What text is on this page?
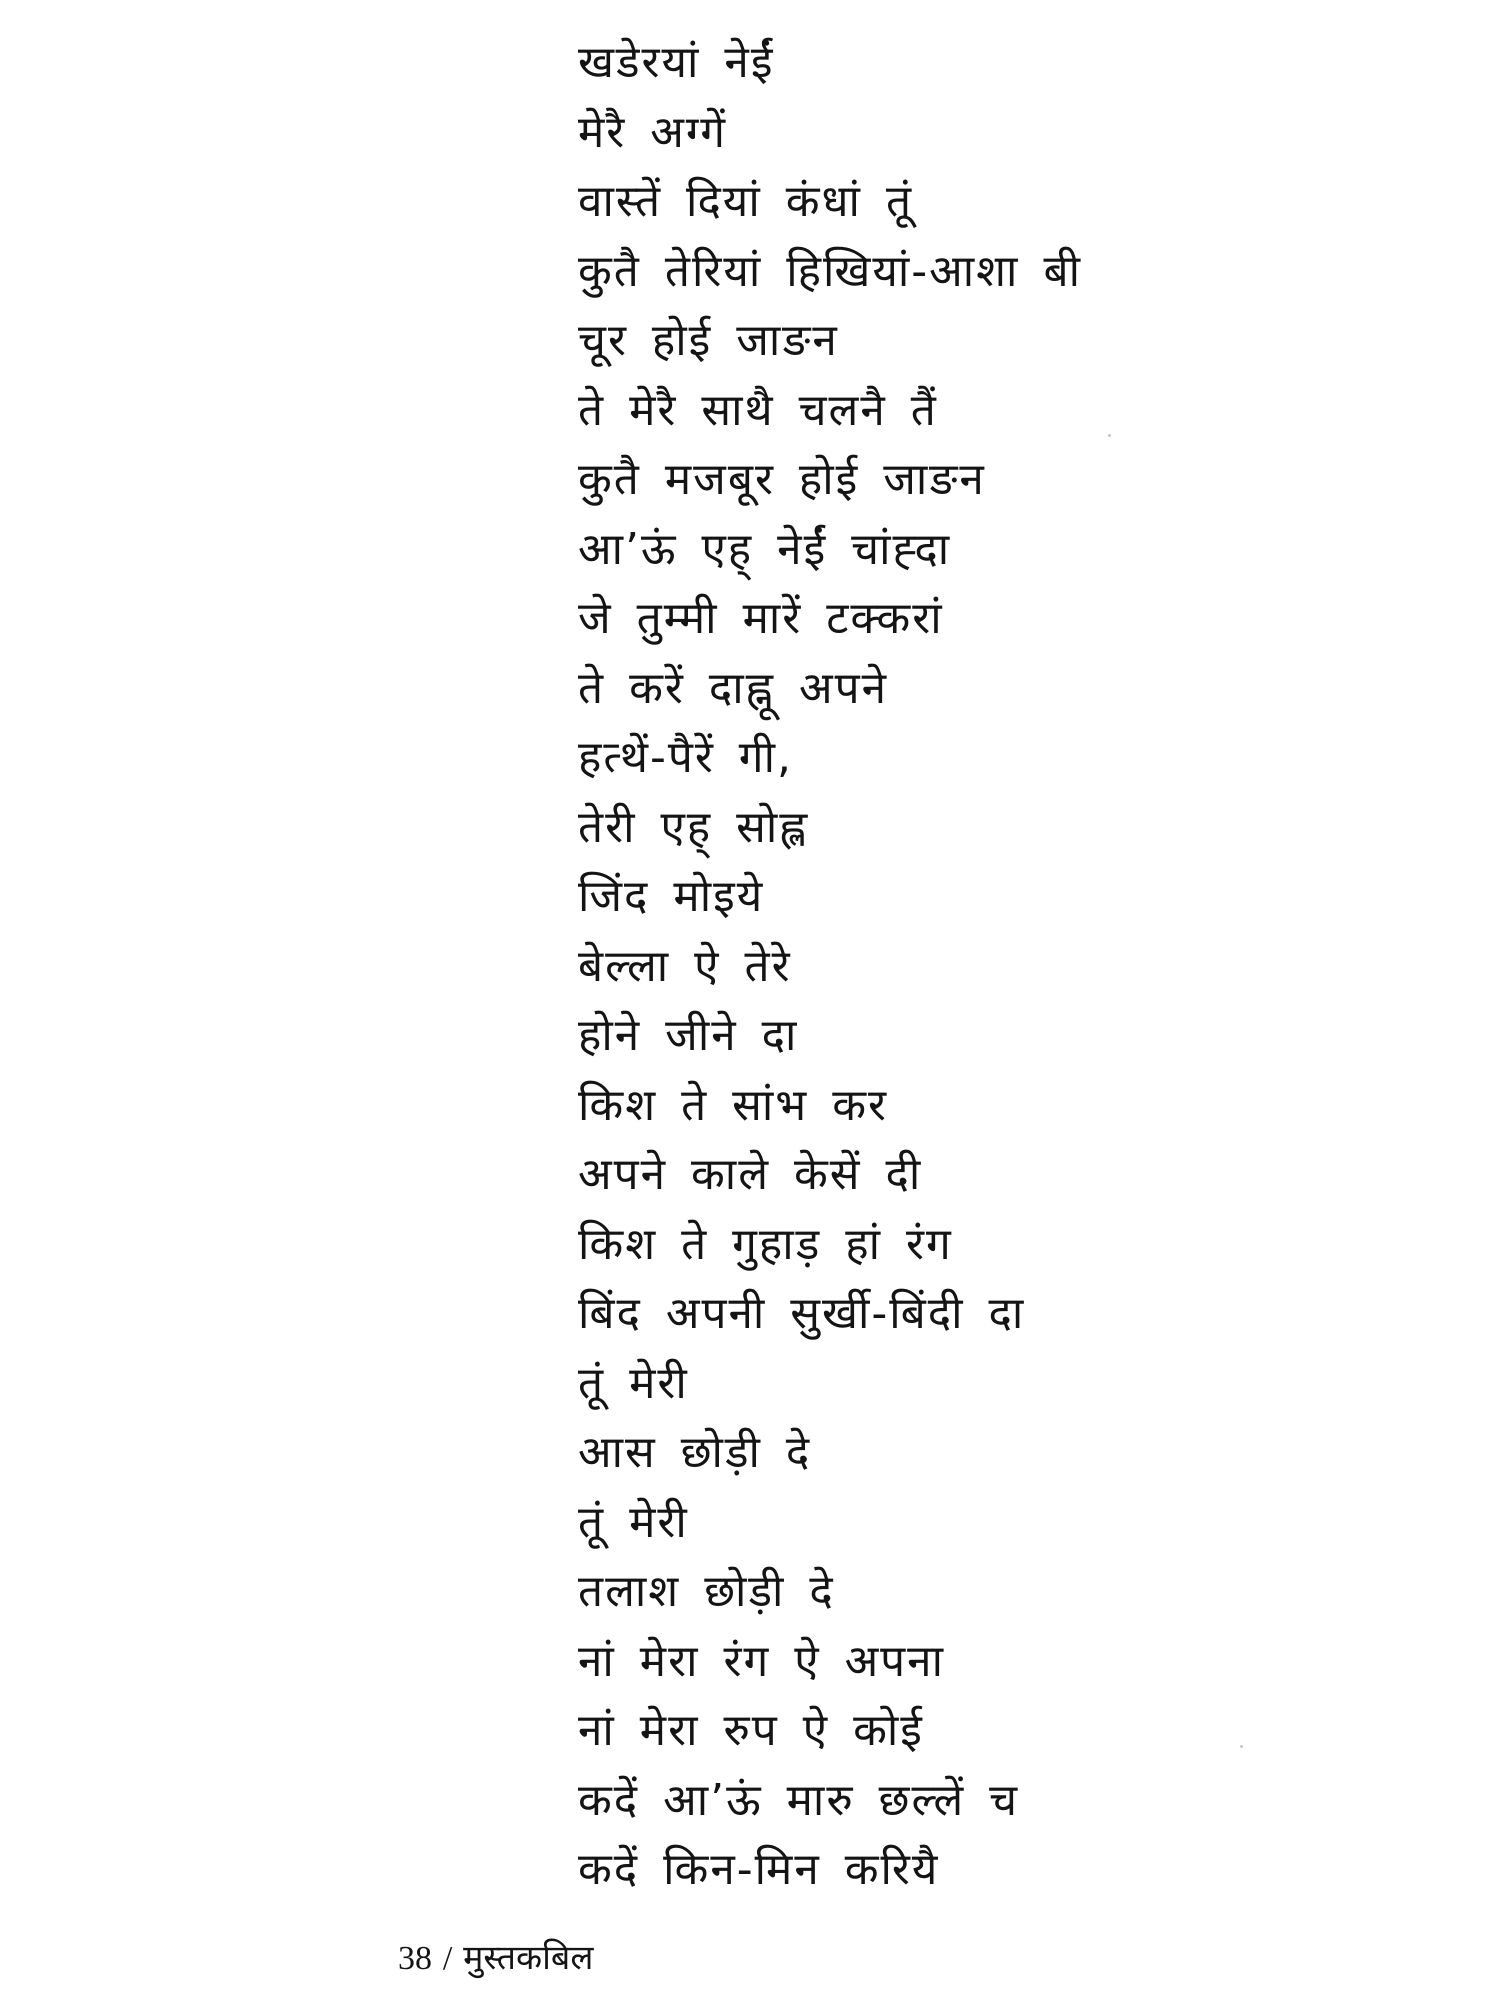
खडेरयां नेईं
मेरै अग्गें
वास्तें दियां कंधां तूं
कुतै तेरियां हिखियां-आशा बी
चूर होई जाङन
ते मेरै साथै चलनै तैं
कुतै मजबूर होई जाङन
आ’ऊं एह् नेईं चांह्दा
जे तुम्मी मारें टक्करां
ते करें दाह्नू अपने
हत्थें-पैरें गी,
तेरी एह् सोह्ल
जिंद मोइये
बेल्ला ऐ तेरे
होने जीने दा
किश ते सांभ कर
अपने काले केसें दी
किश ते गुहाड़ हां रंग
बिंद अपनी सुर्खी-बिंदी दा
तूं मेरी
आस छोड़ी दे
तूं मेरी
तलाश छोड़ी दे
नां मेरा रंग ऐ अपना
नां मेरा रुप ऐ कोई
कदें आ’ऊं मारु छल्लें च
कदें किन-मिन करियै
38 / मुस्तकबिल
